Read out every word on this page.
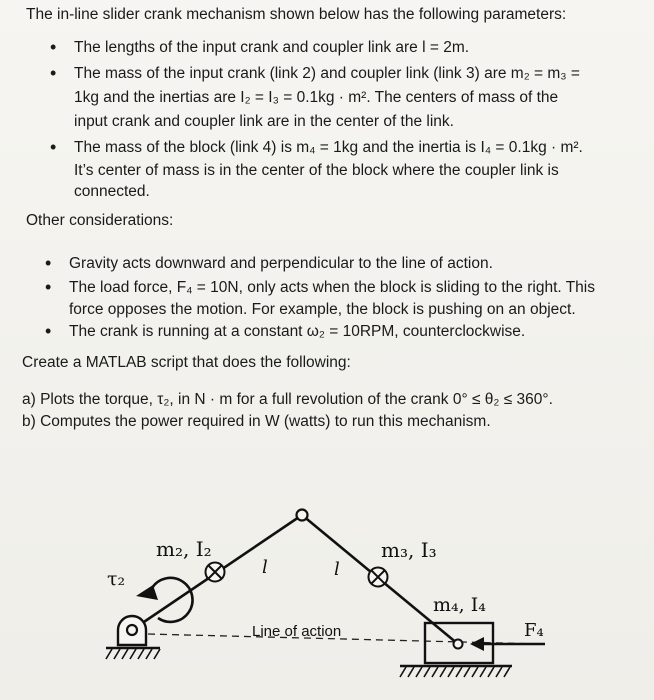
The in-line slider crank mechanism shown below has the following parameters:
• The lengths of the input crank and coupler link are l = 2m.
• The mass of the input crank (link 2) and coupler link (link 3) are m₂ = m₃ =
1kg and the inertias are I₂ = I₃ = 0.1kg · m². The centers of mass of the
input crank and coupler link are in the center of the link.
• The mass of the block (link 4) is m₄ = 1kg and the inertia is I₄ = 0.1kg · m².
It’s center of mass is in the center of the block where the coupler link is
connected.
Other considerations:
• Gravity acts downward and perpendicular to the line of action.
• The load force, F₄ = 10N, only acts when the block is sliding to the right. This
force opposes the motion. For example, the block is pushing on an object.
• The crank is running at a constant ω₂ = 10RPM, counterclockwise.
Create a MATLAB script that does the following:
a) Plots the torque, τ₂, in N · m for a full revolution of the crank 0° ≤ θ₂ ≤ 360°.
b) Computes the power required in W (watts) to run this mechanism.
m₂, I₂	m₃, I₃
m₄, I₄
l	l
τ₂
Line of action	F₄
